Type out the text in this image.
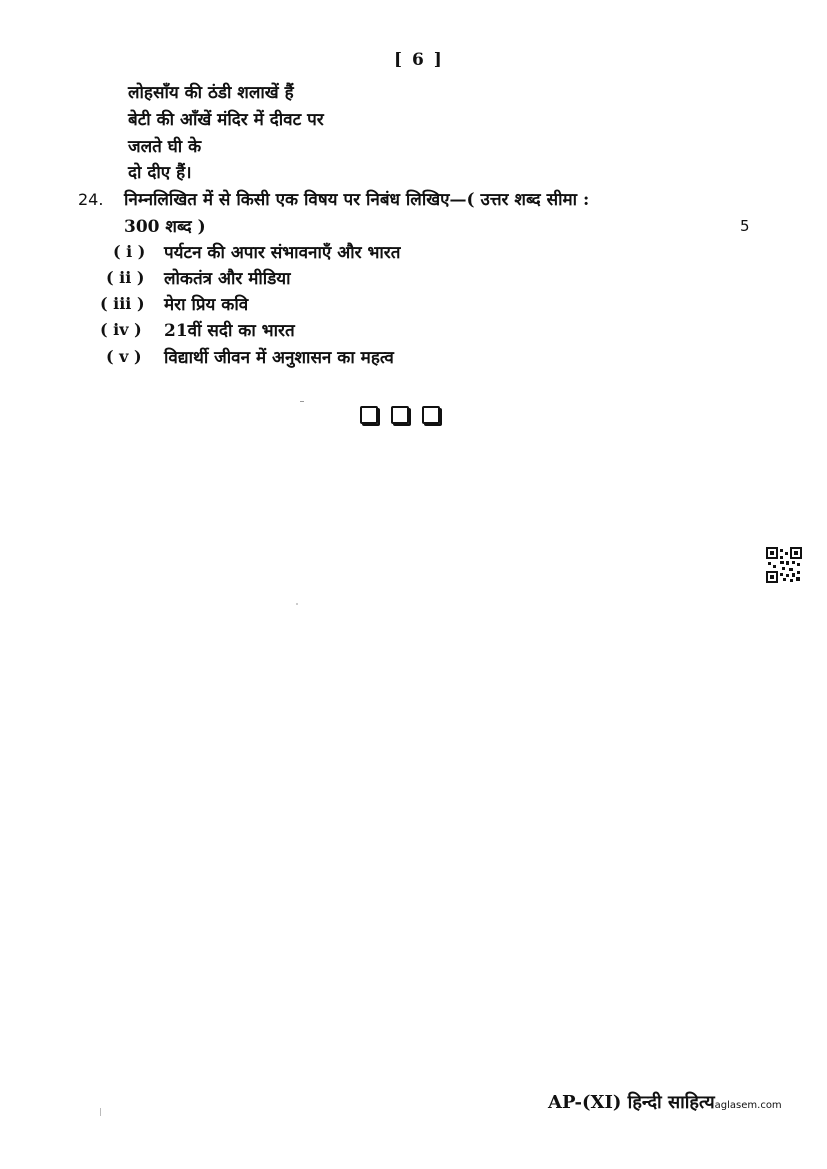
[ 6 ]
लोहसाँय की ठंडी शलाखें हैं
बेटी की आँखें मंदिर में दीवट पर
जलते घी के
दो दीए हैं।
24. निम्नलिखित में से किसी एक विषय पर निबंध लिखिए—( उत्तर शब्द सीमा :
300 शब्द )	5
( i ) पर्यटन की अपार संभावनाएँ और भारत
( ii ) लोकतंत्र और मीडिया
( iii ) मेरा प्रिय कवि
( iv ) 21वीं सदी का भारत
( v ) विद्यार्थी जीवन में अनुशासन का महत्व
AP-(XI) हिन्दी साहित्यaglasem.com
